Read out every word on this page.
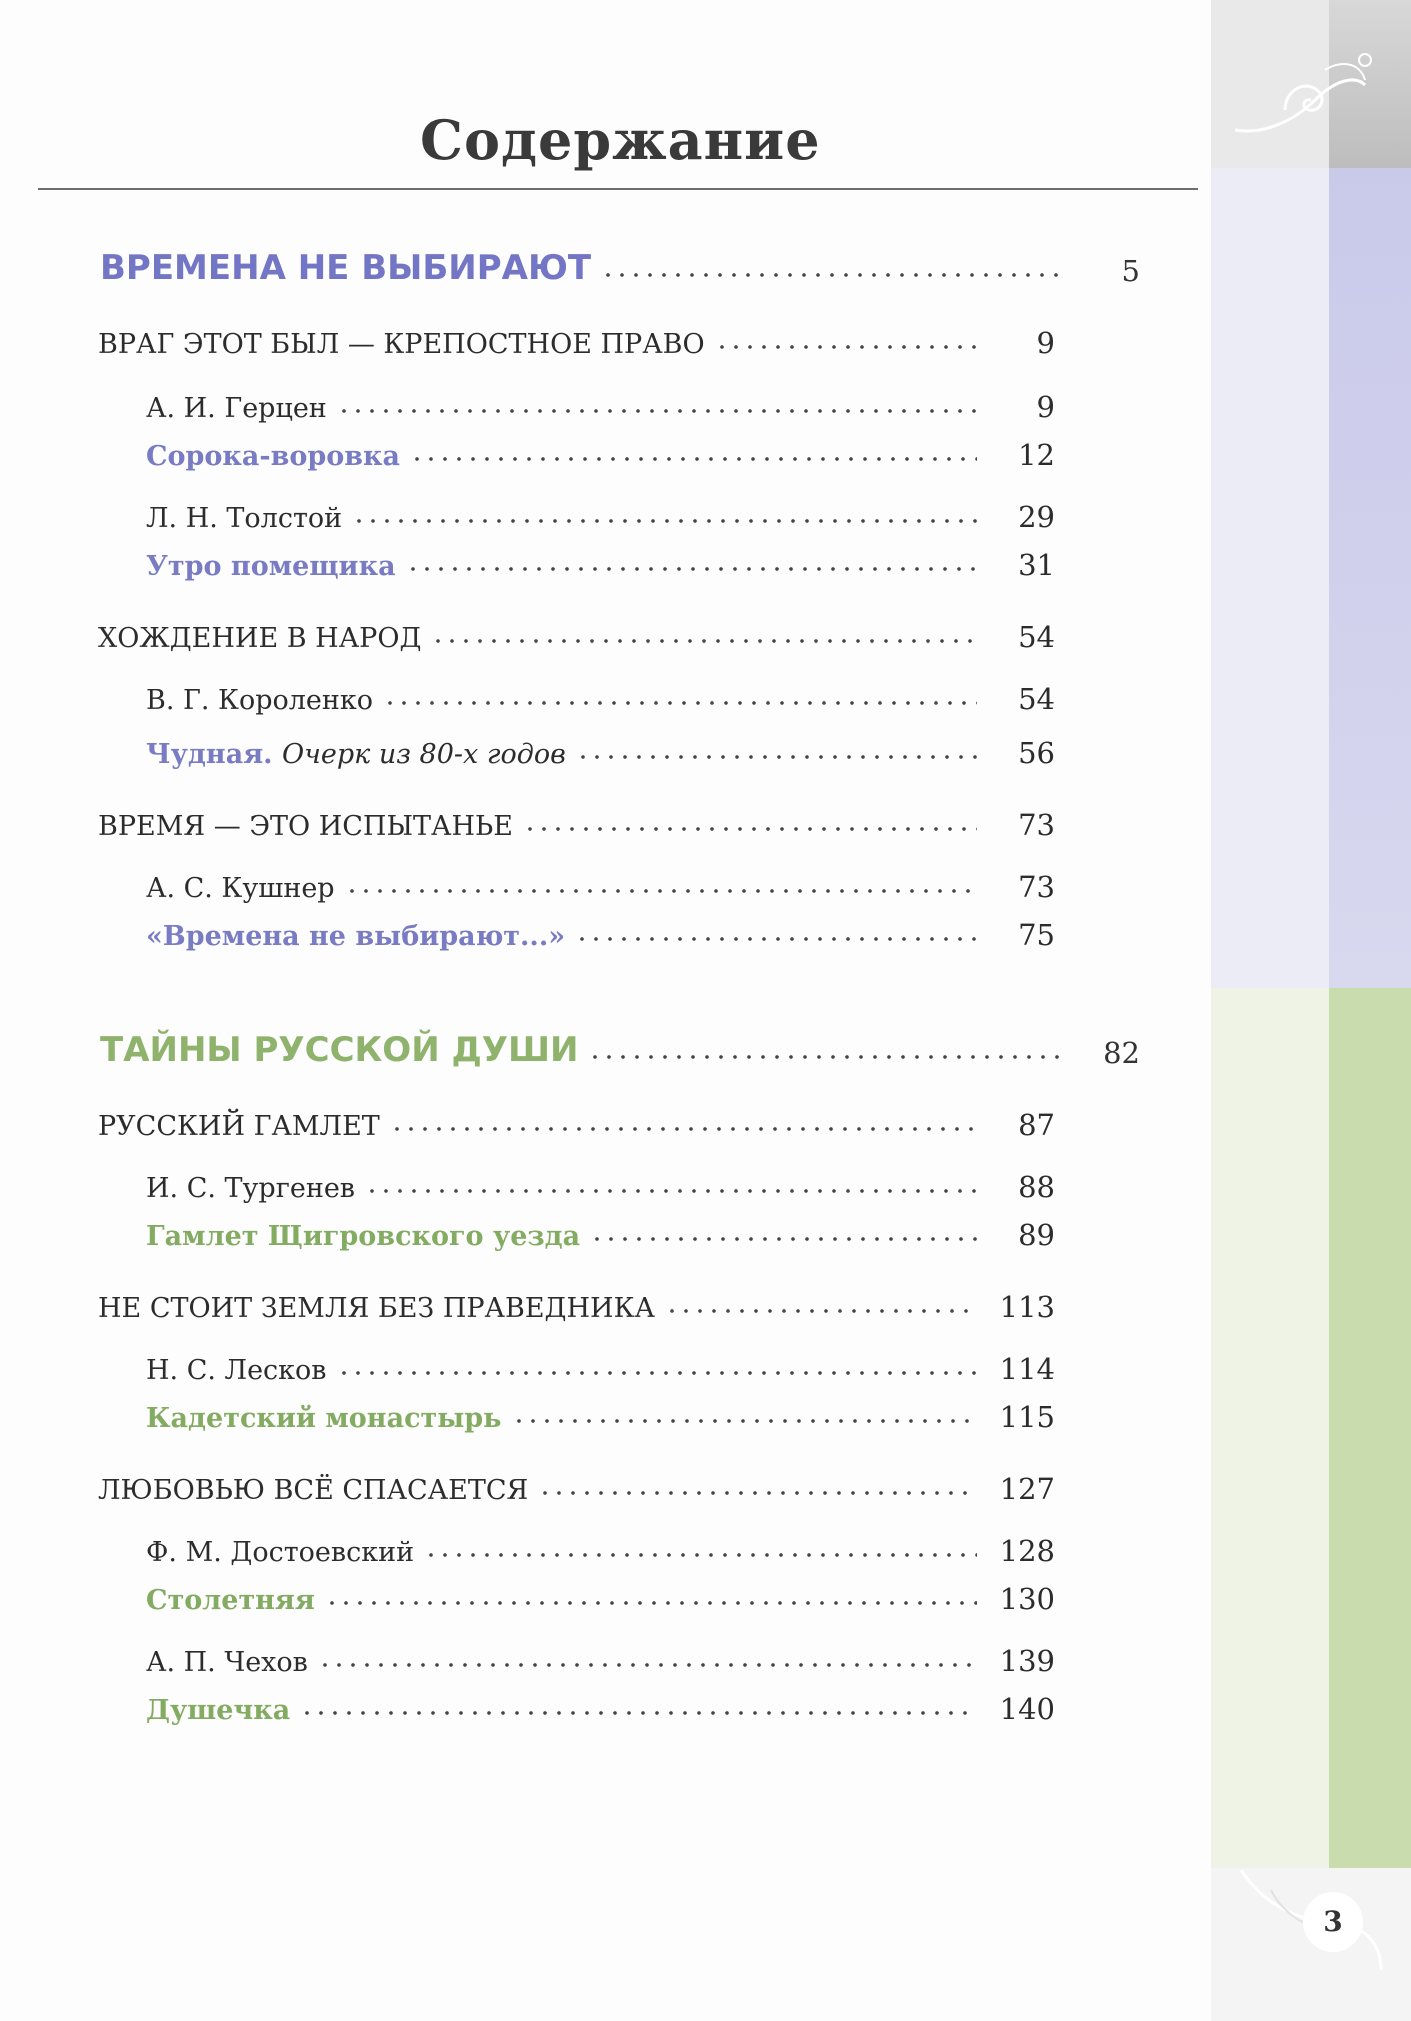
3
Содержание
ВРЕМЕНА НЕ ВЫБИРАЮТ	5
ВРАГ ЭТОТ БЫЛ — КРЕПОСТНОЕ ПРАВО	9
А. И. Герцен	9
Сорока-воровка	12
Л. Н. Толстой	29
Утро помещика	31
ХОЖДЕНИЕ В НАРОД	54
В. Г. Короленко	54
Чудная. Очерк из 80-х годов	56
ВРЕМЯ — ЭТО ИСПЫТАНЬЕ	73
А. С. Кушнер	73
«Времена не выбирают...»	75
ТАЙНЫ РУССКОЙ ДУШИ	82
РУССКИЙ ГАМЛЕТ	87
И. С. Тургенев	88
Гамлет Щигровского уезда	89
НЕ СТОИТ ЗЕМЛЯ БЕЗ ПРАВЕДНИКА	113
Н. С. Лесков	114
Кадетский монастырь	115
ЛЮБОВЬЮ ВСЁ СПАСАЕТСЯ	127
Ф. М. Достоевский	128
Столетняя	130
А. П. Чехов	139
Душечка	140
